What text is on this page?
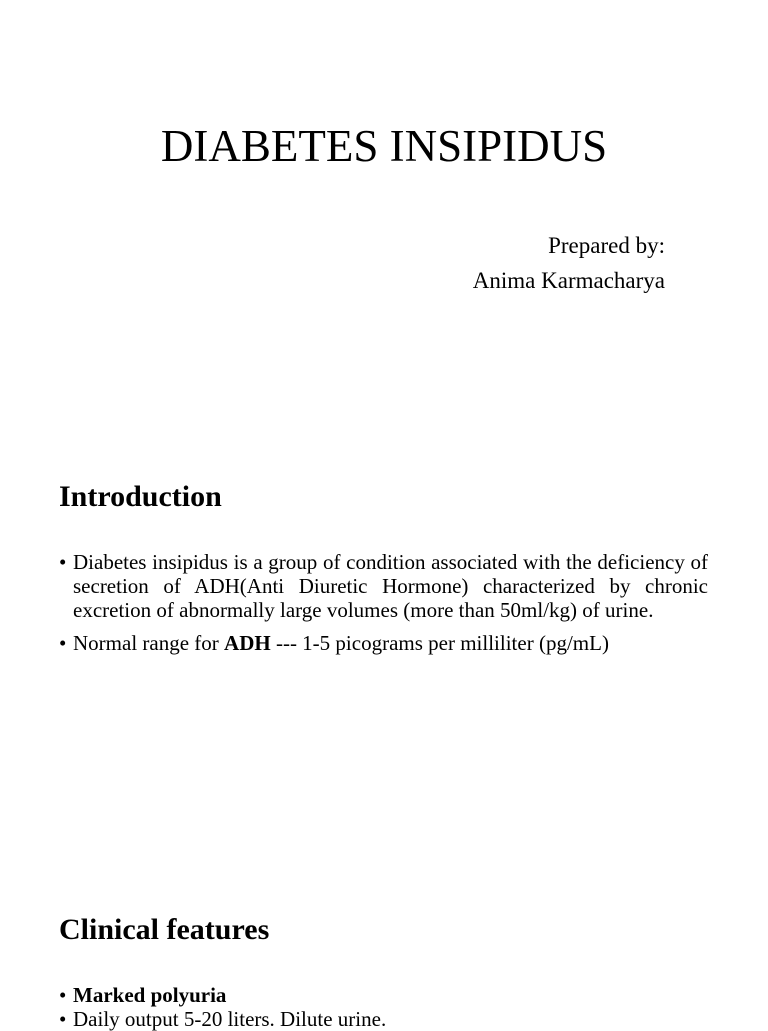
DIABETES INSIPIDUS
Prepared by:
Anima Karmacharya
Introduction
• Diabetes insipidus is a group of condition associated with the deficiency of secretion of ADH(Anti Diuretic Hormone) characterized by chronic excretion of abnormally large volumes (more than 50ml/kg) of urine.
• Normal range for ADH --- 1-5 picograms per milliliter (pg/mL)
Clinical features
• Marked polyuria
• Daily output 5-20 liters. Dilute urine.
